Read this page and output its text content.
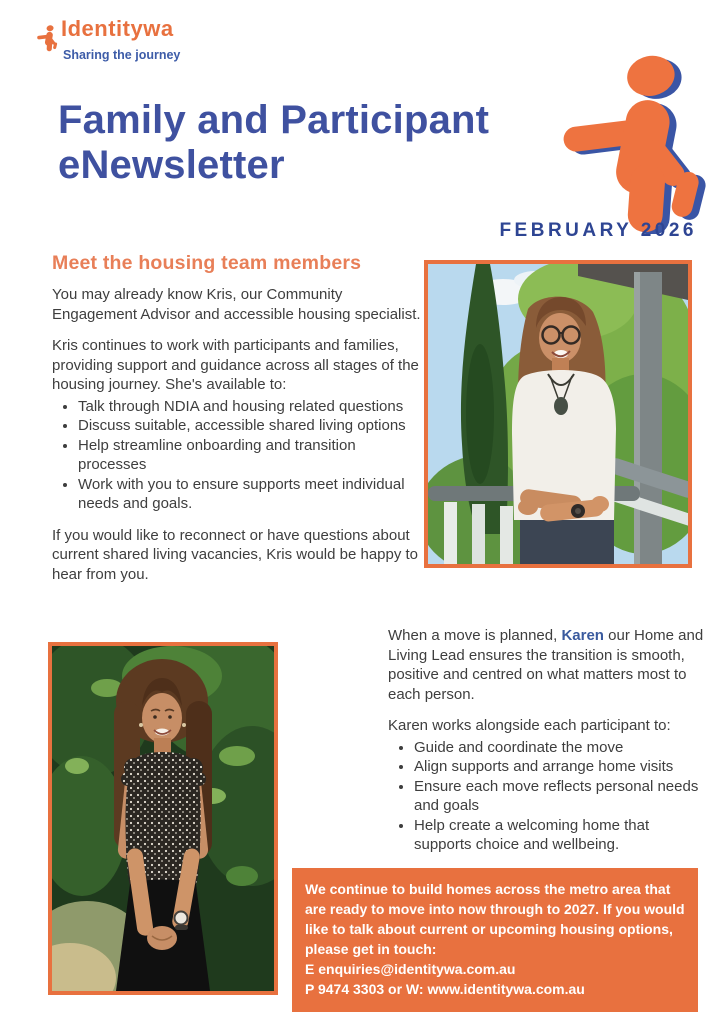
Identitywa
Sharing the journey
Family and Participant
eNewsletter
FEBRUARY 2026
Meet the housing team members

You may already know Kris, our Community Engagement Advisor and accessible housing specialist.

Kris continues to work with participants and families, providing support and guidance across all stages of the housing journey. She's available to:

• Talk through NDIA and housing related questions
• Discuss suitable, accessible shared living options
• Help streamline onboarding and transition processes
• Work with you to ensure supports meet individual needs and goals.

If you would like to reconnect or have questions about current shared living vacancies, Kris would be happy to hear from you.

When a move is planned, Karen our Home and Living Lead ensures the transition is smooth, positive and centred on what matters most to each person.

Karen works alongside each participant to:

• Guide and coordinate the move
• Align supports and arrange home visits
• Ensure each move reflects personal needs and goals
• Help create a welcoming home that supports choice and wellbeing.

We continue to build homes across the metro area that are ready to move into now through to 2027. If you would like to talk about current or upcoming housing options, please get in touch:

E enquiries@identitywa.com.au

P 9474 3303 or W: www.identitywa.com.au
